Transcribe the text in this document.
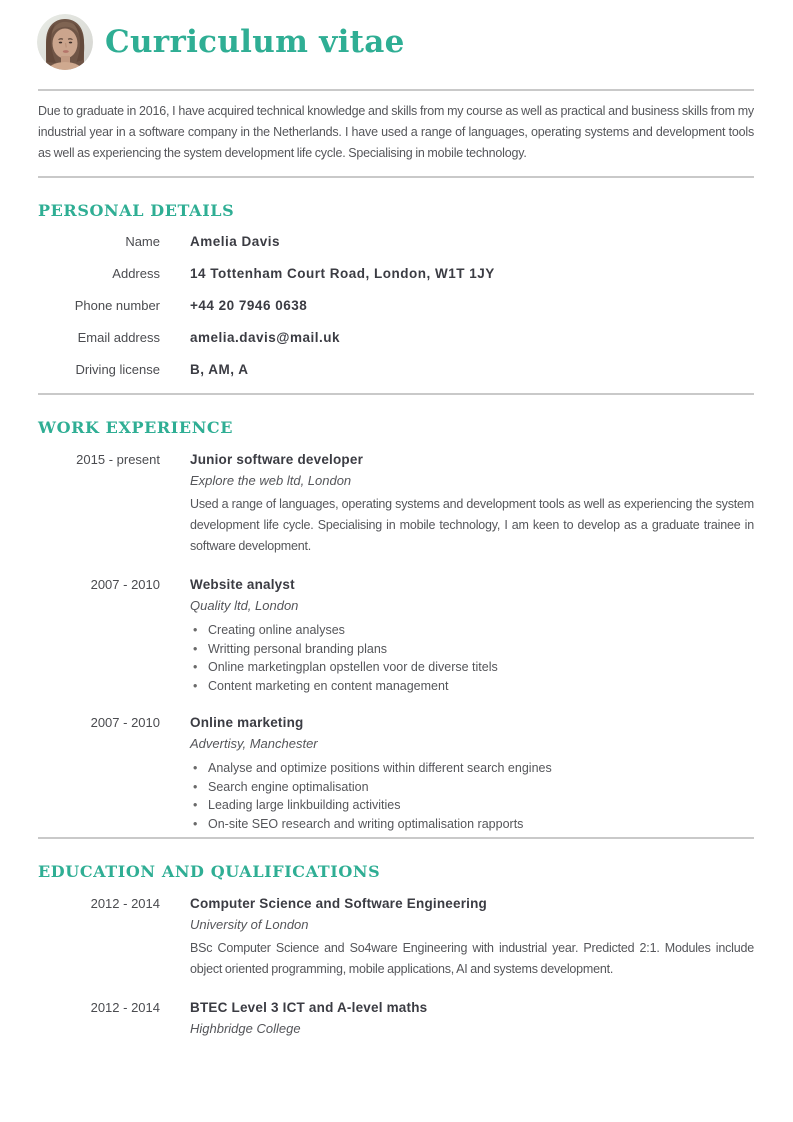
Curriculum vitae

Due to graduate in 2016, I have acquired technical knowledge and skills from my course as well as practical and business skills from my industrial year in a software company in the Netherlands. I have used a range of languages, operating systems and development tools as well as experiencing the system development life cycle. Specialising in mobile technology.

PERSONAL DETAILS
Name Amelia Davis
Address 14 Tottenham Court Road, London, W1T 1JY
Phone number +44 20 7946 0638
Email address amelia.davis@mail.uk
Driving license B, AM, A
WORK EXPERIENCE
2015 - present Junior software developer
Explore the web ltd, London

Used a range of languages, operating systems and development tools as well as experiencing the system development life cycle. Specialising in mobile technology, I am keen to develop as a graduate trainee in software development.

2007 - 2010 Website analyst
Quality ltd, London
• Creating online analyses
• Writting personal branding plans
• Online marketingplan opstellen voor de diverse titels
• Content marketing en content management
2007 - 2010 Online marketing
Advertisy, Manchester
• Analyse and optimize positions within different search engines
• Search engine optimalisation
• Leading large linkbuilding activities
• On-site SEO research and writing optimalisation rapports
EDUCATION AND QUALIFICATIONS
2012 - 2014 Computer Science and Software Engineering
University of London

BSc Computer Science and So4ware Engineering with industrial year. Predicted 2:1. Modules include object oriented programming, mobile applications, AI and systems development.

2012 - 2014 BTEC Level 3 ICT and A-level maths
Highbridge College
